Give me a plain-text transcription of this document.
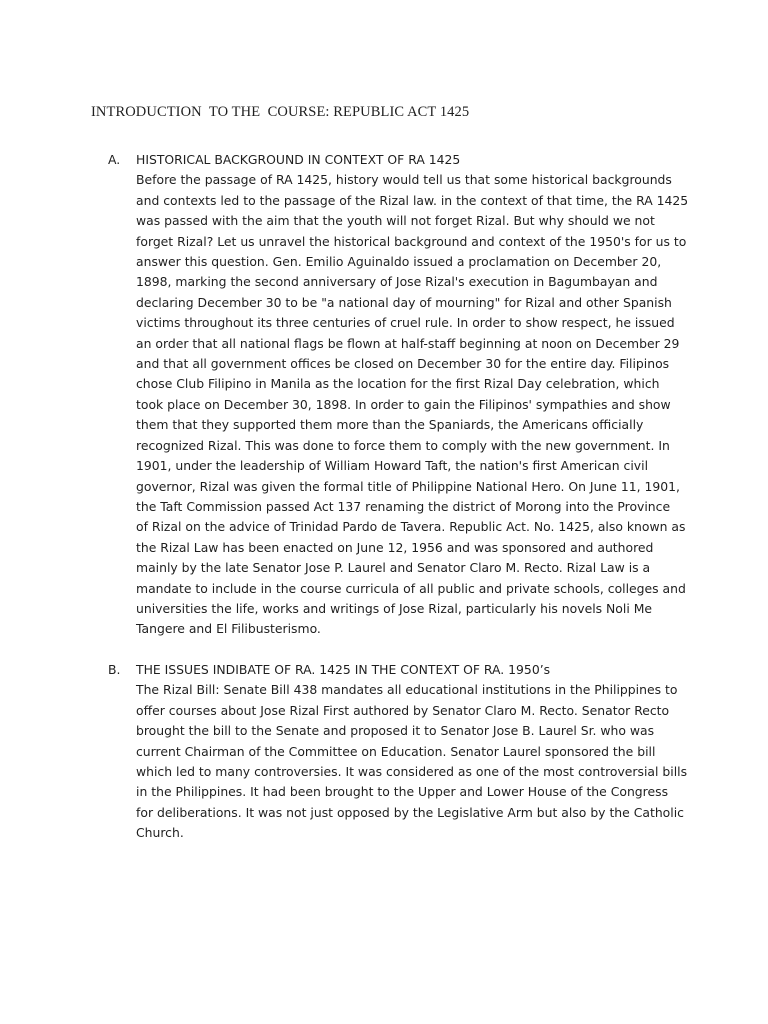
INTRODUCTION  TO THE  COURSE: REPUBLIC ACT 1425
A. HISTORICAL BACKGROUND IN CONTEXT OF RA 1425
Before the passage of RA 1425, history would tell us that some historical backgrounds
and contexts led to the passage of the Rizal law. in the context of that time, the RA 1425
was passed with the aim that the youth will not forget Rizal. But why should we not
forget Rizal? Let us unravel the historical background and context of the 1950's for us to
answer this question. Gen. Emilio Aguinaldo issued a proclamation on December 20,
1898, marking the second anniversary of Jose Rizal's execution in Bagumbayan and
declaring December 30 to be "a national day of mourning" for Rizal and other Spanish
victims throughout its three centuries of cruel rule. In order to show respect, he issued
an order that all national flags be flown at half-staff beginning at noon on December 29
and that all government offices be closed on December 30 for the entire day. Filipinos
chose Club Filipino in Manila as the location for the first Rizal Day celebration, which
took place on December 30, 1898. In order to gain the Filipinos' sympathies and show
them that they supported them more than the Spaniards, the Americans officially
recognized Rizal. This was done to force them to comply with the new government. In
1901, under the leadership of William Howard Taft, the nation's first American civil
governor, Rizal was given the formal title of Philippine National Hero. On June 11, 1901,
the Taft Commission passed Act 137 renaming the district of Morong into the Province
of Rizal on the advice of Trinidad Pardo de Tavera. Republic Act. No. 1425, also known as
the Rizal Law has been enacted on June 12, 1956 and was sponsored and authored
mainly by the late Senator Jose P. Laurel and Senator Claro M. Recto. Rizal Law is a
mandate to include in the course curricula of all public and private schools, colleges and
universities the life, works and writings of Jose Rizal, particularly his novels Noli Me
Tangere and El Filibusterismo.
B. THE ISSUES INDIBATE OF RA. 1425 IN THE CONTEXT OF RA. 1950’s
The Rizal Bill: Senate Bill 438 mandates all educational institutions in the Philippines to
offer courses about Jose Rizal First authored by Senator Claro M. Recto. Senator Recto
brought the bill to the Senate and proposed it to Senator Jose B. Laurel Sr. who was
current Chairman of the Committee on Education. Senator Laurel sponsored the bill
which led to many controversies. It was considered as one of the most controversial bills
in the Philippines. It had been brought to the Upper and Lower House of the Congress
for deliberations. It was not just opposed by the Legislative Arm but also by the Catholic
Church.
